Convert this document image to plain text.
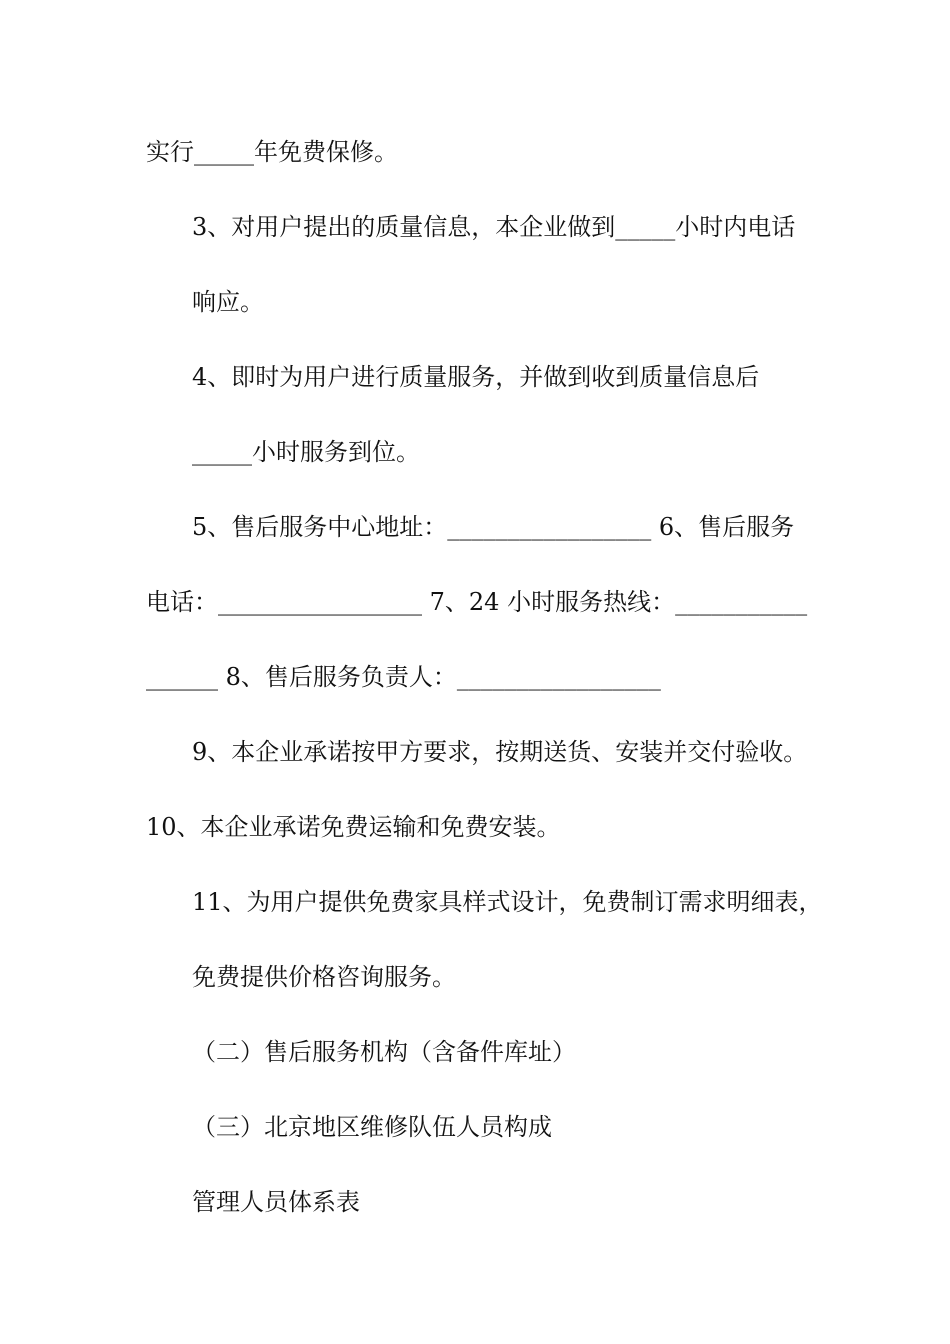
实行_____年免费保修。
3、对用户提出的质量信息，本企业做到_____小时内电话
响应。
4、即时为用户进行质量服务，并做到收到质量信息后
_____小时服务到位。
5、售后服务中心地址：_________________ 6、售后服务
电话：_________________ 7、24 小时服务热线：___________
______ 8、售后服务负责人：_________________
9、本企业承诺按甲方要求，按期送货、安装并交付验收。
10、本企业承诺免费运输和免费安装。
11、为用户提供免费家具样式设计，免费制订需求明细表，
免费提供价格咨询服务。
（二）售后服务机构（含备件库址）
（三）北京地区维修队伍人员构成
管理人员体系表
